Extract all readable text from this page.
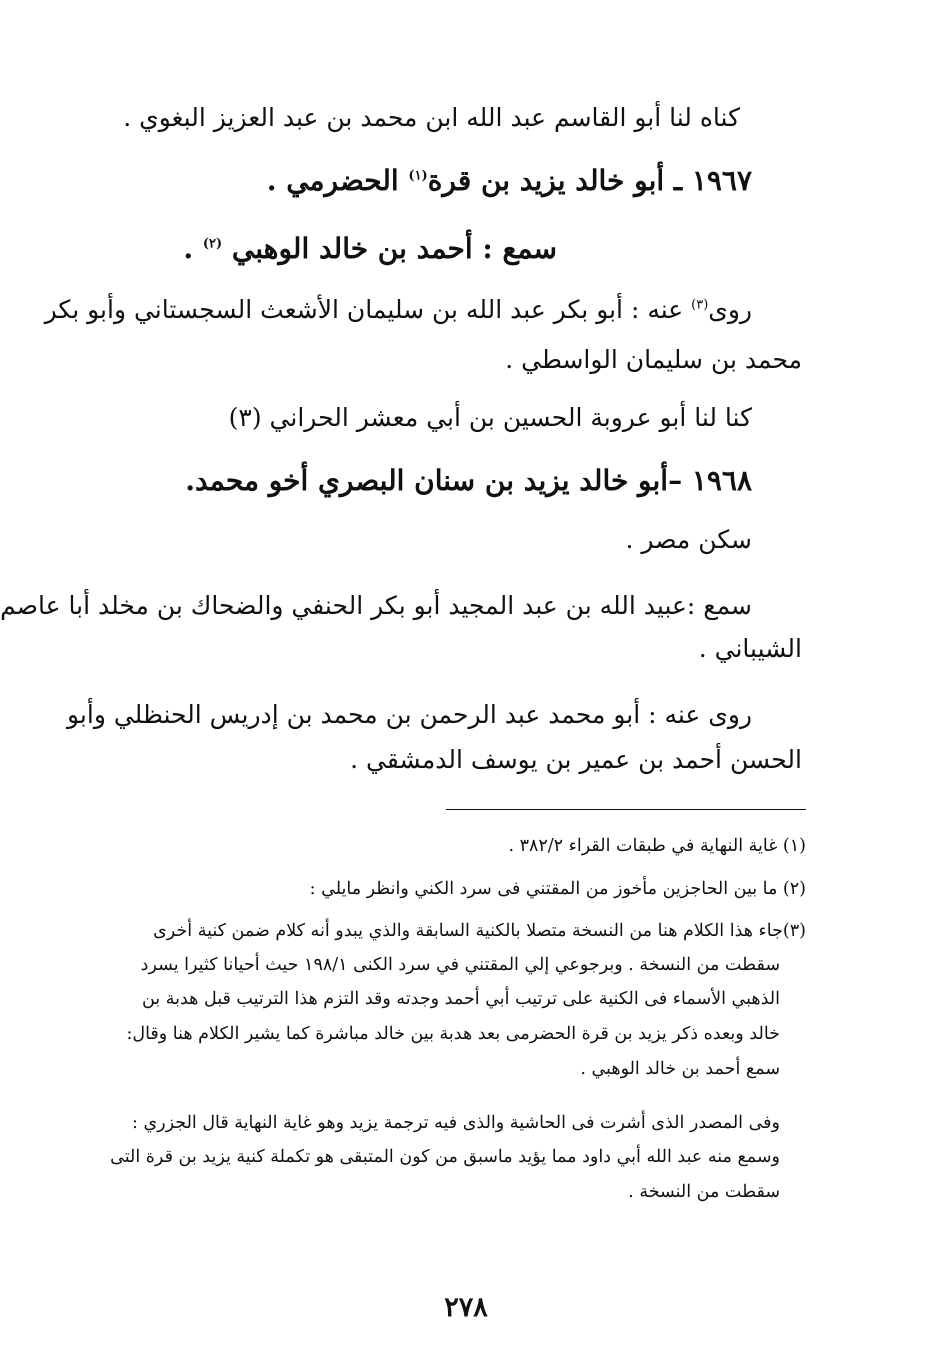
كناه لنا أبو القاسم عبد الله ابن محمد بن عبد العزيز البغوي .
١٩٦٧ ـ أبو خالد يزيد بن قرة$^{(١)}$ الحضرمي .
سمع : أحمد بن خالد الوهبي $^{(٢)}$ .
روى$^{(٣)}$ عنه : أبو بكر عبد الله بن سليمان الأشعث السجستاني وأبو بكر
محمد بن سليمان الواسطي .
كنا لنا أبو عروبة الحسين بن أبي معشر الحراني (٣)
١٩٦٨ –أبو خالد يزيد بن سنان البصري أخو محمد.
سكن مصر .
سمع :عبيد الله بن عبد المجيد أبو بكر الحنفي والضحاك بن مخلد أبا عاصم
الشيباني .
روى عنه : أبو محمد عبد الرحمن بن محمد بن إدريس الحنظلي وأبو
الحسن أحمد بن عمير بن يوسف الدمشقي .
(١) غاية النهاية في طبقات القراء ٣٨٢/٢ .
(٢) ما بين الحاجزين مأخوز من المقتني فى سرد الكني وانظر مايلي :
(٣)جاء هذا الكلام هنا من النسخة متصلا بالكنية السابقة والذي يبدو أنه كلام ضمن كنية أخرى
سقطت من النسخة . وبرجوعي إلي المقتني في سرد الكنى ١٩٨/١ حيث أحيانا كثيرا يسرد
الذهبي الأسماء فى الكنية على ترتيب أبي أحمد وجدته وقد التزم هذا الترتيب قبل هدبة بن
خالد وبعده ذكر يزيد بن قرة الحضرمى بعد هدبة بين خالد مباشرة كما يشير الكلام هنا وقال:
سمع أحمد بن خالد الوهبي .
وفى المصدر الذى أشرت فى الحاشية والذى فيه ترجمة يزيد وهو غاية النهاية قال الجزري :
وسمع منه عبد الله أبي داود مما يؤيد ماسبق من كون المتبقى هو تكملة كنية يزيد بن قرة التى
سقطت من النسخة .
٢٧٨
